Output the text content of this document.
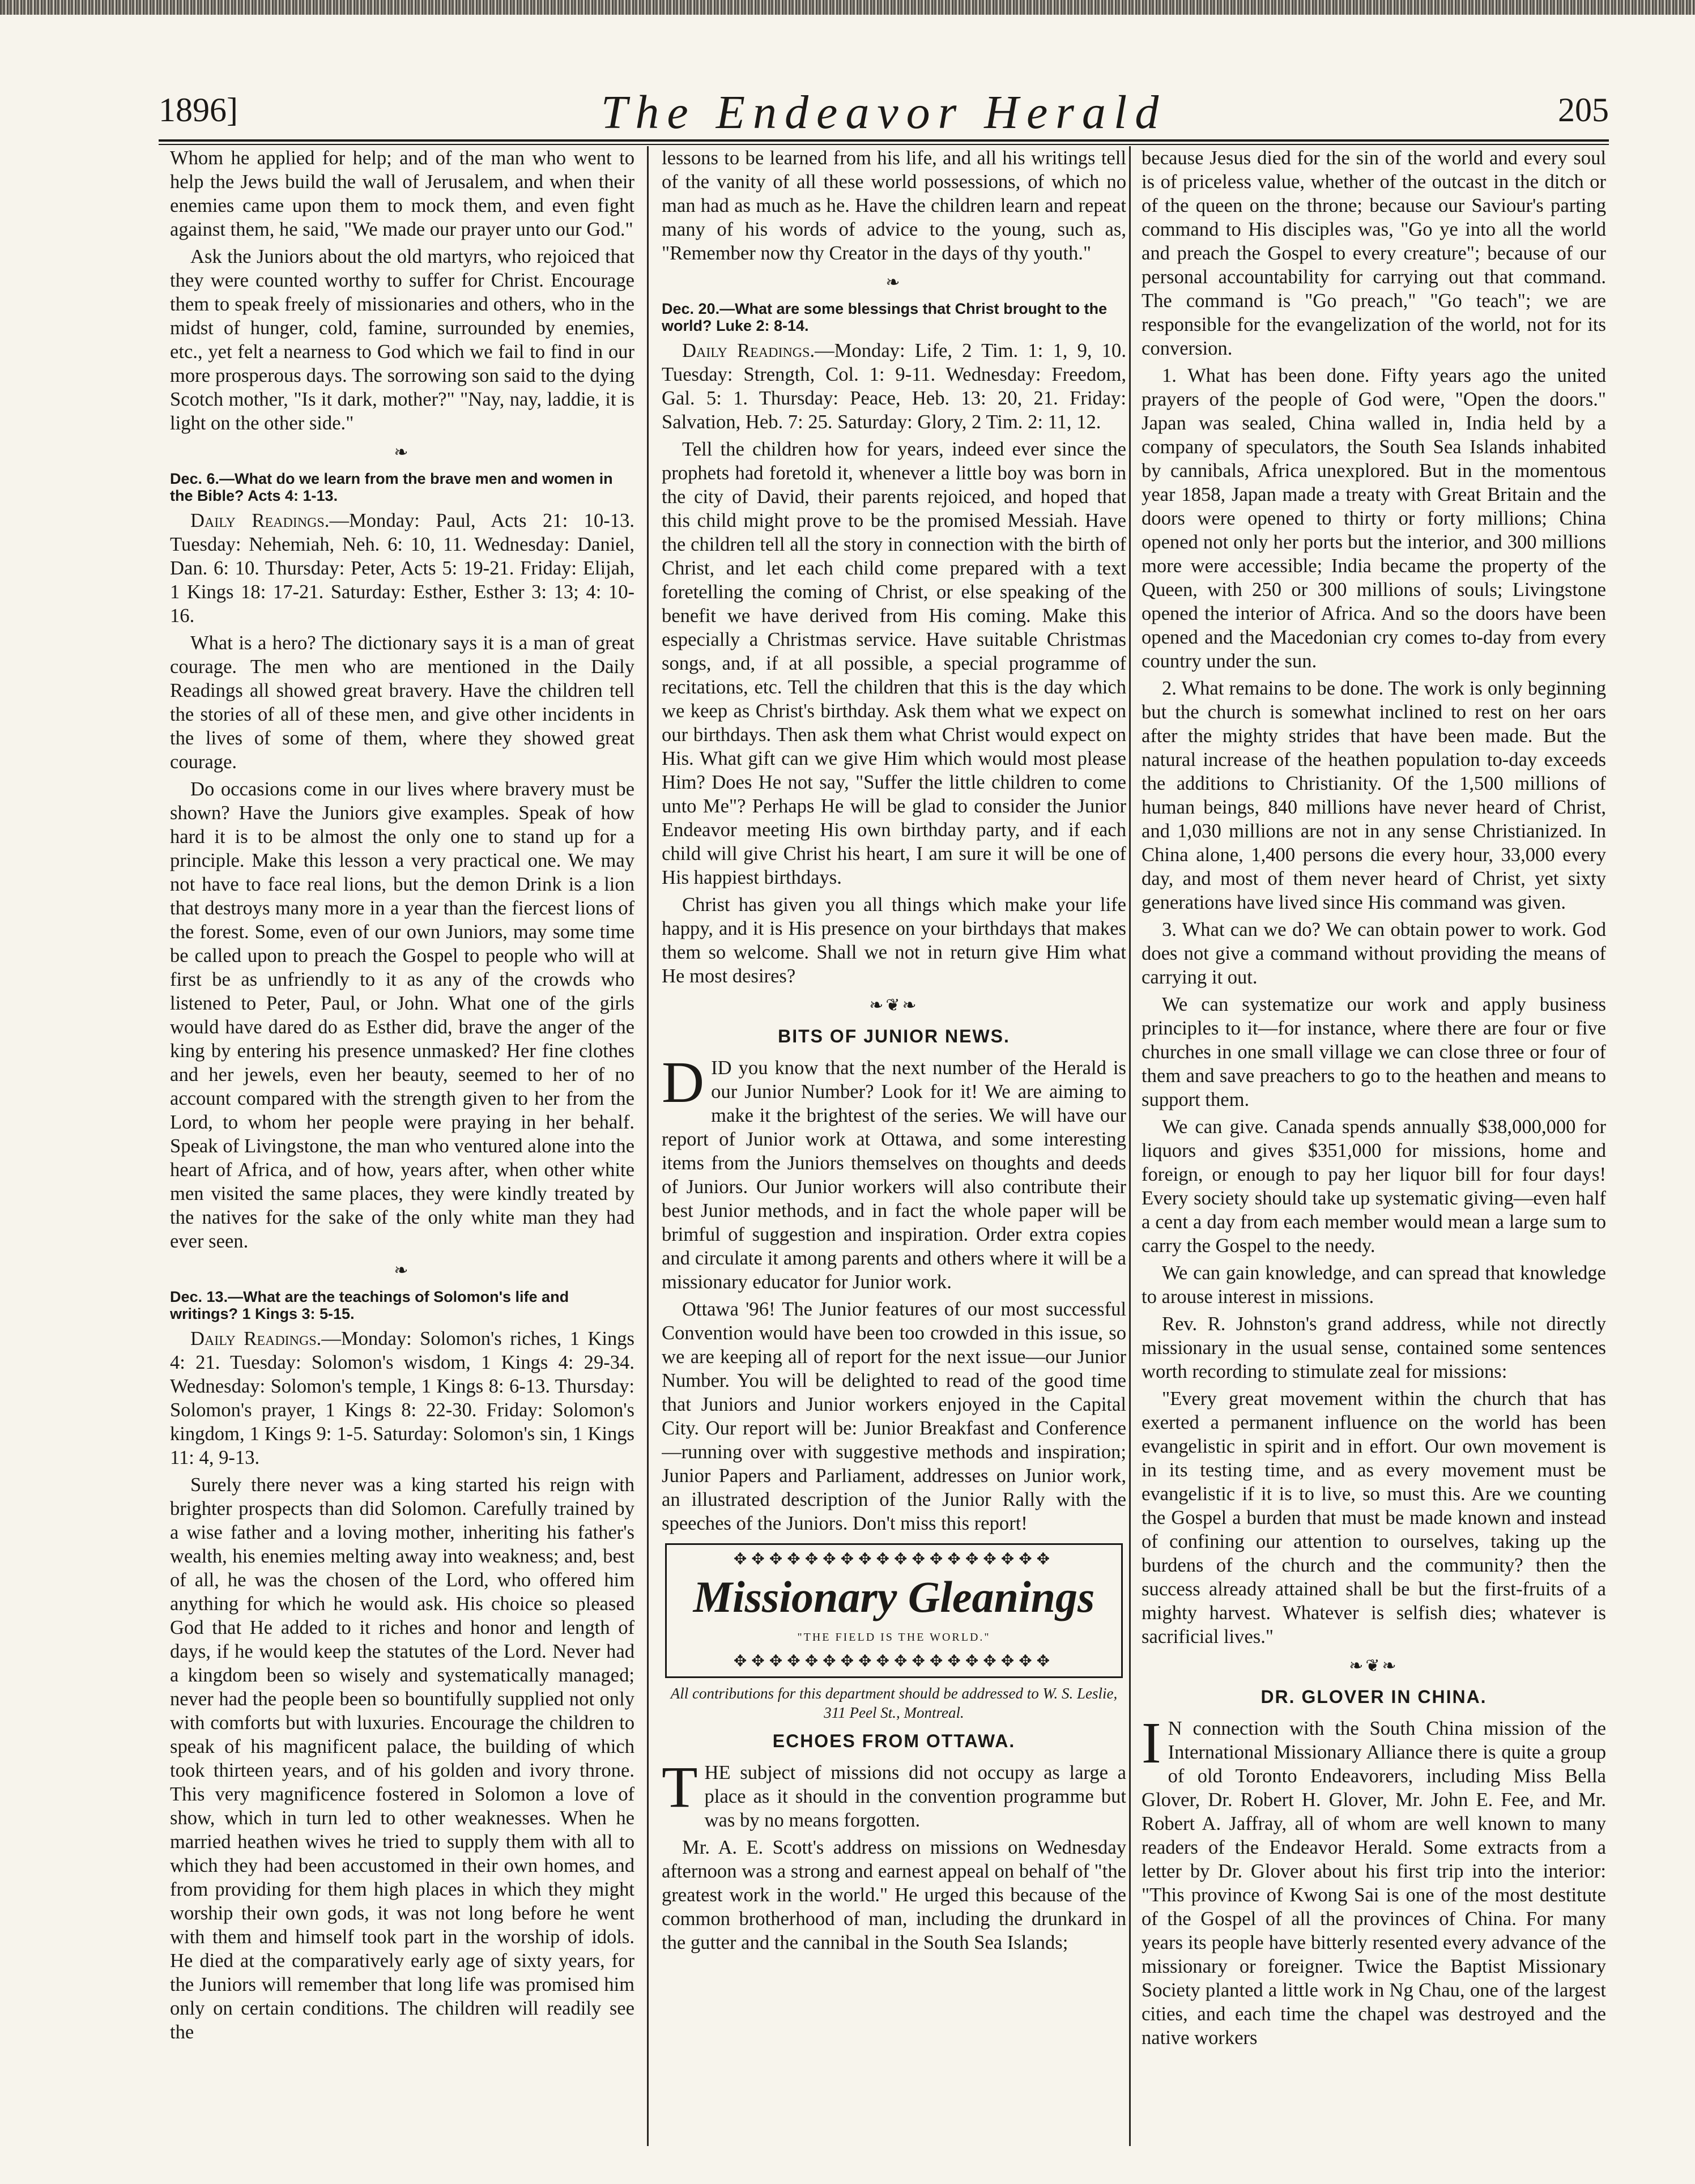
1896]	The Endeavor Herald	205

Whom he applied for help; and of the man who went to help the Jews build the wall of Jerusalem, and when their enemies came upon them to mock them, and even fight against them, he said, "We made our prayer unto our God."

Ask the Juniors about the old martyrs, who rejoiced that they were counted worthy to suffer for Christ. Encourage them to speak freely of missionaries and others, who in the midst of hunger, cold, famine, surrounded by enemies, etc., yet felt a nearness to God which we fail to find in our more prosperous days. The sorrowing son said to the dying Scotch mother, "Is it dark, mother?" "Nay, nay, laddie, it is light on the other side."

❧

Dec. 6.—What do we learn from the brave men and women in the Bible? Acts 4: 1-13.

Daily Readings.—Monday: Paul, Acts 21: 10-13. Tuesday: Nehemiah, Neh. 6: 10, 11. Wednesday: Daniel, Dan. 6: 10. Thursday: Peter, Acts 5: 19-21. Friday: Elijah, 1 Kings 18: 17-21. Saturday: Esther, Esther 3: 13; 4: 10-16.

What is a hero? The dictionary says it is a man of great courage. The men who are mentioned in the Daily Readings all showed great bravery. Have the children tell the stories of all of these men, and give other incidents in the lives of some of them, where they showed great courage.

Do occasions come in our lives where bravery must be shown? Have the Juniors give examples. Speak of how hard it is to be almost the only one to stand up for a principle. Make this lesson a very practical one. We may not have to face real lions, but the demon Drink is a lion that destroys many more in a year than the fiercest lions of the forest. Some, even of our own Juniors, may some time be called upon to preach the Gospel to people who will at first be as unfriendly to it as any of the crowds who listened to Peter, Paul, or John. What one of the girls would have dared do as Esther did, brave the anger of the king by entering his presence unmasked? Her fine clothes and her jewels, even her beauty, seemed to her of no account compared with the strength given to her from the Lord, to whom her people were praying in her behalf. Speak of Livingstone, the man who ventured alone into the heart of Africa, and of how, years after, when other white men visited the same places, they were kindly treated by the natives for the sake of the only white man they had ever seen.

❧

Dec. 13.—What are the teachings of Solomon's life and writings? 1 Kings 3: 5-15.

Daily Readings.—Monday: Solomon's riches, 1 Kings 4: 21. Tuesday: Solomon's wisdom, 1 Kings 4: 29-34. Wednesday: Solomon's temple, 1 Kings 8: 6-13. Thursday: Solomon's prayer, 1 Kings 8: 22-30. Friday: Solomon's kingdom, 1 Kings 9: 1-5. Saturday: Solomon's sin, 1 Kings 11: 4, 9-13.

Surely there never was a king started his reign with brighter prospects than did Solomon. Carefully trained by a wise father and a loving mother, inheriting his father's wealth, his enemies melting away into weakness; and, best of all, he was the chosen of the Lord, who offered him anything for which he would ask. His choice so pleased God that He added to it riches and honor and length of days, if he would keep the statutes of the Lord. Never had a kingdom been so wisely and systematically managed; never had the people been so bountifully supplied not only with comforts but with luxuries. Encourage the children to speak of his magnificent palace, the building of which took thirteen years, and of his golden and ivory throne. This very magnificence fostered in Solomon a love of show, which in turn led to other weaknesses. When he married heathen wives he tried to supply them with all to which they had been accustomed in their own homes, and from providing for them high places in which they might worship their own gods, it was not long before he went with them and himself took part in the worship of idols. He died at the comparatively early age of sixty years, for the Juniors will remember that long life was promised him only on certain conditions. The children will readily see the

lessons to be learned from his life, and all his writings tell of the vanity of all these world possessions, of which no man had as much as he. Have the children learn and repeat many of his words of advice to the young, such as, "Remember now thy Creator in the days of thy youth."

❧

Dec. 20.—What are some blessings that Christ brought to the world? Luke 2: 8-14.

Daily Readings.—Monday: Life, 2 Tim. 1: 1, 9, 10. Tuesday: Strength, Col. 1: 9-11. Wednesday: Freedom, Gal. 5: 1. Thursday: Peace, Heb. 13: 20, 21. Friday: Salvation, Heb. 7: 25. Saturday: Glory, 2 Tim. 2: 11, 12.

Tell the children how for years, indeed ever since the prophets had foretold it, whenever a little boy was born in the city of David, their parents rejoiced, and hoped that this child might prove to be the promised Messiah. Have the children tell all the story in connection with the birth of Christ, and let each child come prepared with a text foretelling the coming of Christ, or else speaking of the benefit we have derived from His coming. Make this especially a Christmas service. Have suitable Christmas songs, and, if at all possible, a special programme of recitations, etc. Tell the children that this is the day which we keep as Christ's birthday. Ask them what we expect on our birthdays. Then ask them what Christ would expect on His. What gift can we give Him which would most please Him? Does He not say, "Suffer the little children to come unto Me"? Perhaps He will be glad to consider the Junior Endeavor meeting His own birthday party, and if each child will give Christ his heart, I am sure it will be one of His happiest birthdays.

Christ has given you all things which make your life happy, and it is His presence on your birthdays that makes them so welcome. Shall we not in return give Him what He most desires?

❧❦❧
BITS OF JUNIOR NEWS.

DID you know that the next number of the Herald is our Junior Number? Look for it! We are aiming to make it the brightest of the series. We will have our report of Junior work at Ottawa, and some interesting items from the Juniors themselves on thoughts and deeds of Juniors. Our Junior workers will also contribute their best Junior methods, and in fact the whole paper will be brimful of suggestion and inspiration. Order extra copies and circulate it among parents and others where it will be a missionary educator for Junior work.

Ottawa '96! The Junior features of our most successful Convention would have been too crowded in this issue, so we are keeping all of report for the next issue—our Junior Number. You will be delighted to read of the good time that Juniors and Junior workers enjoyed in the Capital City. Our report will be: Junior Breakfast and Conference—running over with suggestive methods and inspiration; Junior Papers and Parliament, addresses on Junior work, an illustrated description of the Junior Rally with the speeches of the Juniors. Don't miss this report!

✥✥✥✥✥✥✥✥✥✥✥✥✥✥✥✥✥✥
Missionary Gleanings
"THE FIELD IS THE WORLD."
✥✥✥✥✥✥✥✥✥✥✥✥✥✥✥✥✥✥
All contributions for this department should be addressed to W. S. Leslie, 311 Peel St., Montreal.
ECHOES FROM OTTAWA.

THE subject of missions did not occupy as large a place as it should in the convention programme but was by no means forgotten.

Mr. A. E. Scott's address on missions on Wednesday afternoon was a strong and earnest appeal on behalf of "the greatest work in the world." He urged this because of the common brotherhood of man, including the drunkard in the gutter and the cannibal in the South Sea Islands;

because Jesus died for the sin of the world and every soul is of priceless value, whether of the outcast in the ditch or of the queen on the throne; because our Saviour's parting command to His disciples was, "Go ye into all the world and preach the Gospel to every creature"; because of our personal accountability for carrying out that command. The command is "Go preach," "Go teach"; we are responsible for the evangelization of the world, not for its conversion.

1. What has been done. Fifty years ago the united prayers of the people of God were, "Open the doors." Japan was sealed, China walled in, India held by a company of speculators, the South Sea Islands inhabited by cannibals, Africa unexplored. But in the momentous year 1858, Japan made a treaty with Great Britain and the doors were opened to thirty or forty millions; China opened not only her ports but the interior, and 300 millions more were accessible; India became the property of the Queen, with 250 or 300 millions of souls; Livingstone opened the interior of Africa. And so the doors have been opened and the Macedonian cry comes to-day from every country under the sun.

2. What remains to be done. The work is only beginning but the church is somewhat inclined to rest on her oars after the mighty strides that have been made. But the natural increase of the heathen population to-day exceeds the additions to Christianity. Of the 1,500 millions of human beings, 840 millions have never heard of Christ, and 1,030 millions are not in any sense Christianized. In China alone, 1,400 persons die every hour, 33,000 every day, and most of them never heard of Christ, yet sixty generations have lived since His command was given.

3. What can we do? We can obtain power to work. God does not give a command without providing the means of carrying it out.

We can systematize our work and apply business principles to it—for instance, where there are four or five churches in one small village we can close three or four of them and save preachers to go to the heathen and means to support them.

We can give. Canada spends annually $38,000,000 for liquors and gives $351,000 for missions, home and foreign, or enough to pay her liquor bill for four days! Every society should take up systematic giving—even half a cent a day from each member would mean a large sum to carry the Gospel to the needy.

We can gain knowledge, and can spread that knowledge to arouse interest in missions.

Rev. R. Johnston's grand address, while not directly missionary in the usual sense, contained some sentences worth recording to stimulate zeal for missions:

"Every great movement within the church that has exerted a permanent influence on the world has been evangelistic in spirit and in effort. Our own movement is in its testing time, and as every movement must be evangelistic if it is to live, so must this. Are we counting the Gospel a burden that must be made known and instead of confining our attention to ourselves, taking up the burdens of the church and the community? then the success already attained shall be but the first-fruits of a mighty harvest. Whatever is selfish dies; whatever is sacrificial lives."

❧❦❧
DR. GLOVER IN CHINA.

I N connection with the South China mission of the International Missionary Alliance there is quite a group of old Toronto Endeavorers, including Miss Bella Glover, Dr. Robert H. Glover, Mr. John E. Fee, and Mr. Robert A. Jaffray, all of whom are well known to many readers of the Endeavor Herald. Some extracts from a letter by Dr. Glover about his first trip into the interior: "This province of Kwong Sai is one of the most destitute of the Gospel of all the provinces of China. For many years its people have bitterly resented every advance of the missionary or foreigner. Twice the Baptist Missionary Society planted a little work in Ng Chau, one of the largest cities, and each time the chapel was destroyed and the native workers
